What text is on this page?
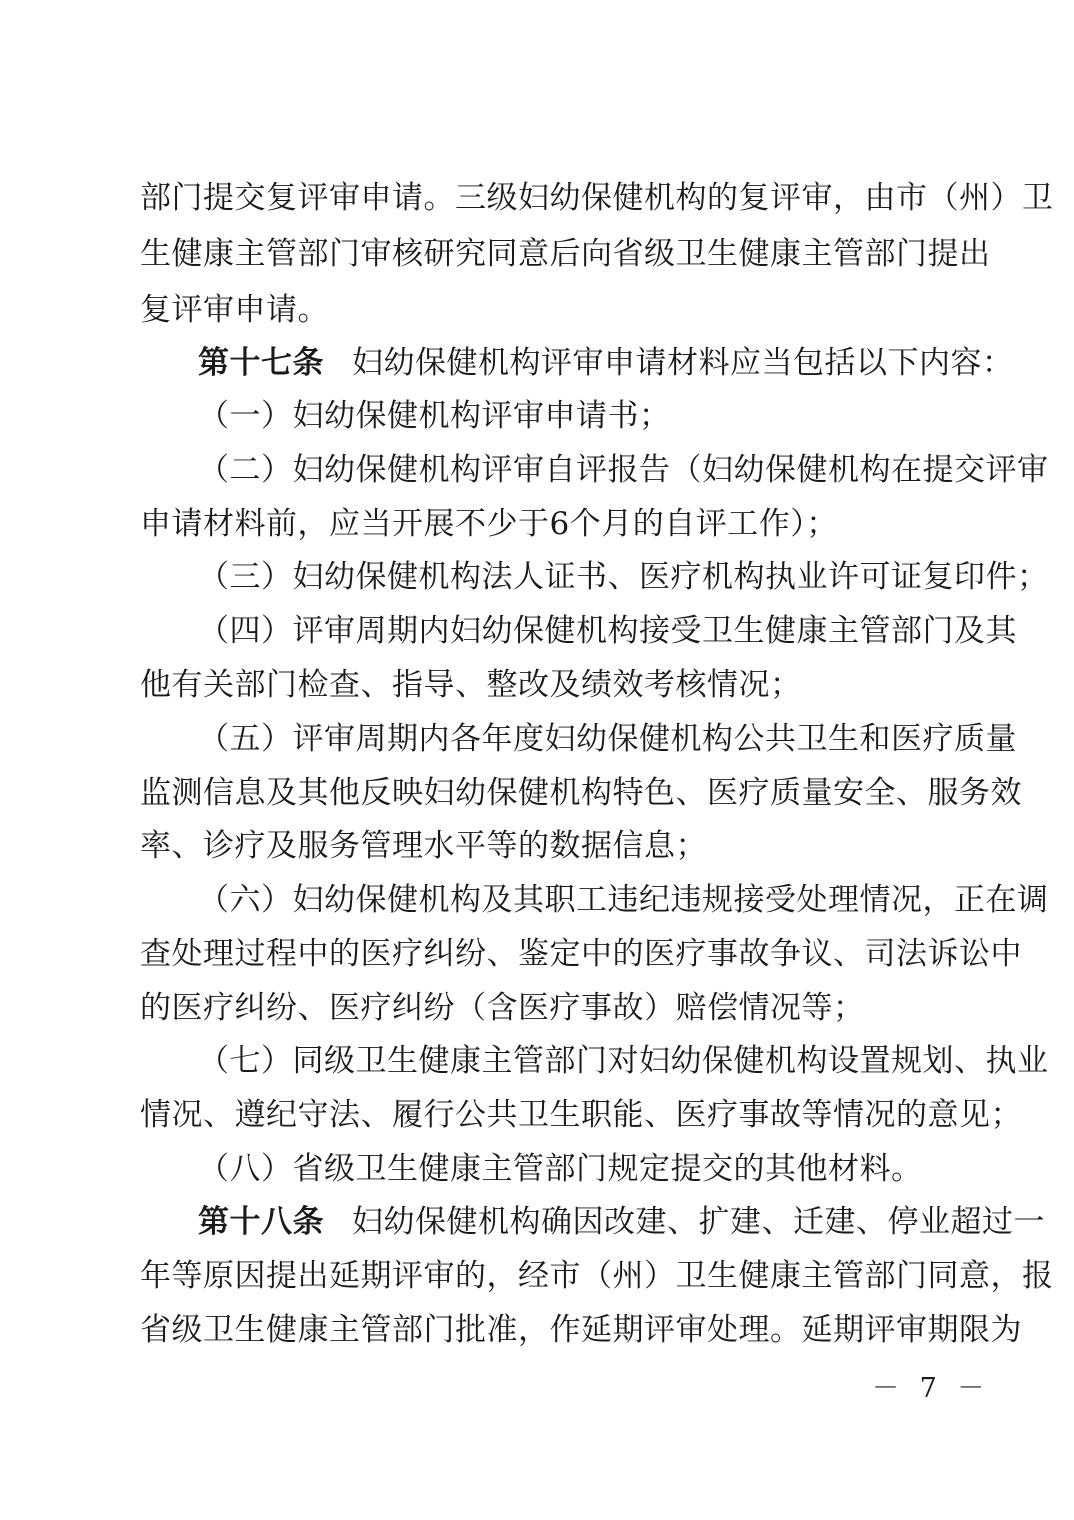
部门提交复评审申请。三级妇幼保健机构的复评审，由市（州）卫
生健康主管部门审核研究同意后向省级卫生健康主管部门提出
复评审申请。
第十七条 妇幼保健机构评审申请材料应当包括以下内容：
（一）妇幼保健机构评审申请书；
（二）妇幼保健机构评审自评报告（妇幼保健机构在提交评审
申请材料前，应当开展不少于6个月的自评工作）；
（三）妇幼保健机构法人证书、医疗机构执业许可证复印件；
（四）评审周期内妇幼保健机构接受卫生健康主管部门及其
他有关部门检查、指导、整改及绩效考核情况；
（五）评审周期内各年度妇幼保健机构公共卫生和医疗质量
监测信息及其他反映妇幼保健机构特色、医疗质量安全、服务效
率、诊疗及服务管理水平等的数据信息；
（六）妇幼保健机构及其职工违纪违规接受处理情况，正在调
查处理过程中的医疗纠纷、鉴定中的医疗事故争议、司法诉讼中
的医疗纠纷、医疗纠纷（含医疗事故）赔偿情况等；
（七）同级卫生健康主管部门对妇幼保健机构设置规划、执业
情况、遵纪守法、履行公共卫生职能、医疗事故等情况的意见；
（八）省级卫生健康主管部门规定提交的其他材料。
第十八条 妇幼保健机构确因改建、扩建、迁建、停业超过一
年等原因提出延期评审的，经市（州）卫生健康主管部门同意，报
省级卫生健康主管部门批准，作延期评审处理。延期评审期限为
－ 7 －
